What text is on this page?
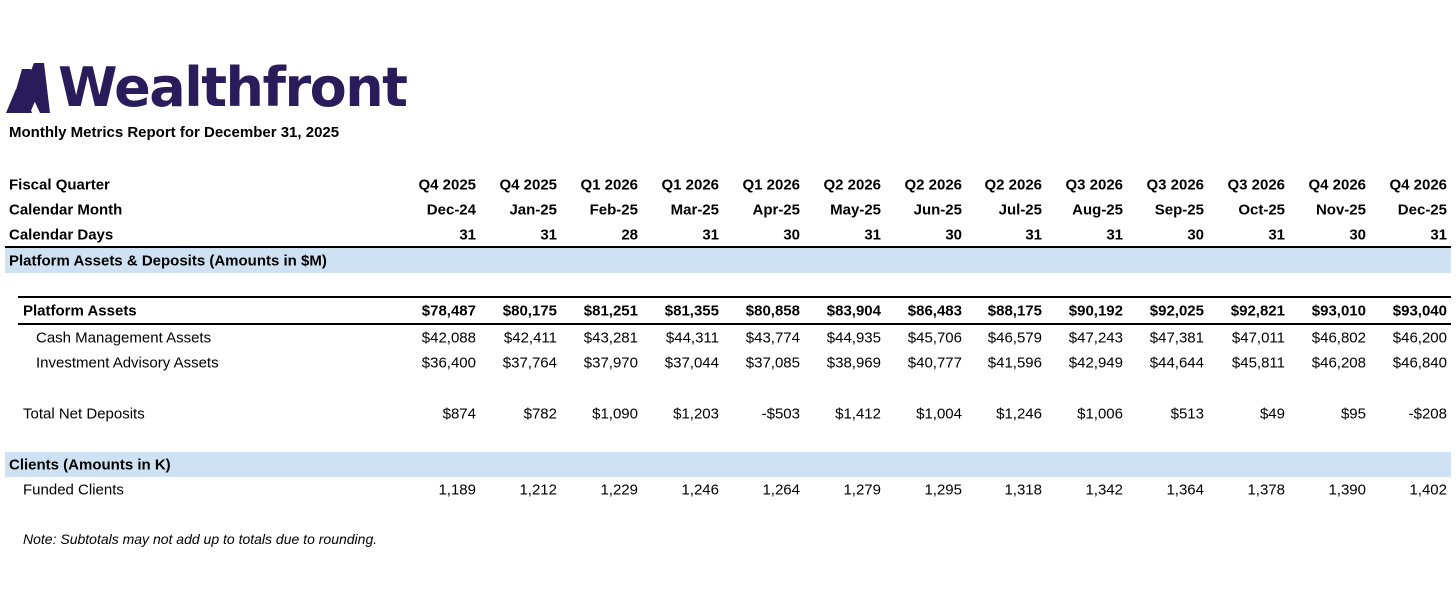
Wealthfront
Monthly Metrics Report for December 31, 2025
Fiscal Quarter	Q4 2025	Q4 2025	Q1 2026	Q1 2026	Q1 2026	Q2 2026	Q2 2026	Q2 2026	Q3 2026	Q3 2026	Q3 2026	Q4 2026	Q4 2026
Calendar Month	Dec-24	Jan-25	Feb-25	Mar-25	Apr-25	May-25	Jun-25	Jul-25	Aug-25	Sep-25	Oct-25	Nov-25	Dec-25
Calendar Days	31	31	28	31	30	31	30	31	31	30	31	30	31
Platform Assets & Deposits (Amounts in $M)
Platform Assets	$78,487	$80,175	$81,251	$81,355	$80,858	$83,904	$86,483	$88,175	$90,192	$92,025	$92,821	$93,010	$93,040
Cash Management Assets	$42,088	$42,411	$43,281	$44,311	$43,774	$44,935	$45,706	$46,579	$47,243	$47,381	$47,011	$46,802	$46,200
Investment Advisory Assets	$36,400	$37,764	$37,970	$37,044	$37,085	$38,969	$40,777	$41,596	$42,949	$44,644	$45,811	$46,208	$46,840
Total Net Deposits	$874	$782	$1,090	$1,203	-$503	$1,412	$1,004	$1,246	$1,006	$513	$49	$95	-$208
Clients (Amounts in K)
Funded Clients	1,189	1,212	1,229	1,246	1,264	1,279	1,295	1,318	1,342	1,364	1,378	1,390	1,402
Note: Subtotals may not add up to totals due to rounding.
